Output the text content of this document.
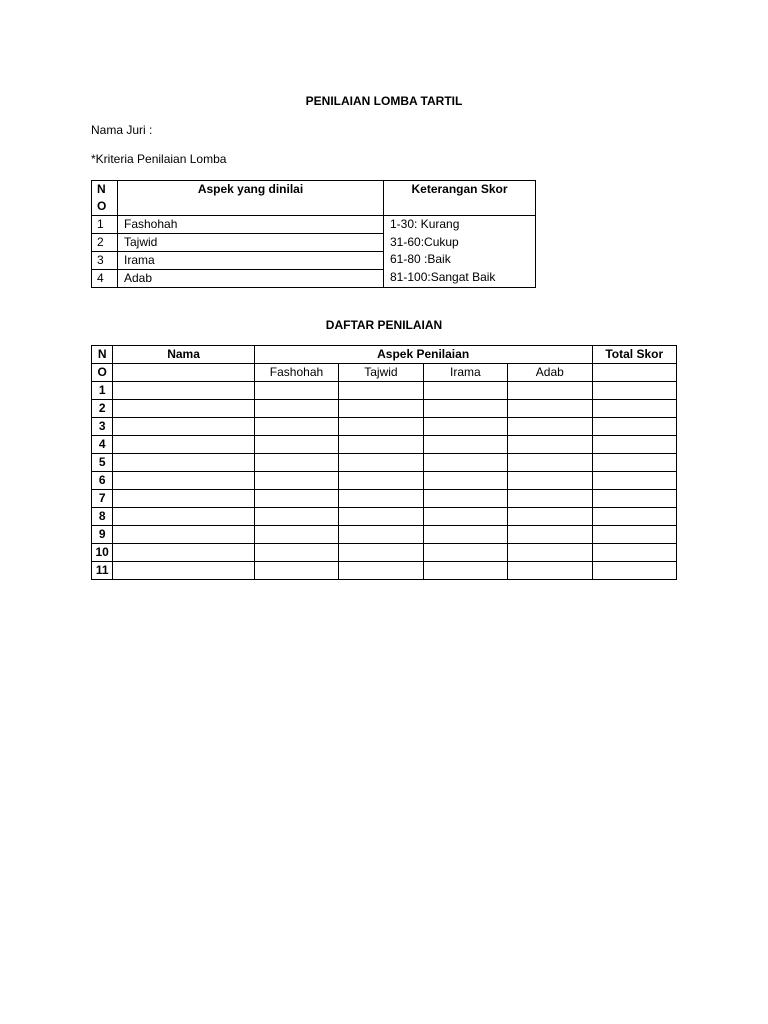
PENILAIAN LOMBA TARTIL
Nama Juri :
*Kriteria Penilaian Lomba
N
O	Aspek yang dinilai	Keterangan Skor
1	Fashohah	1-30: Kurang
31-60:Cukup
61-80 :Baik
81-100:Sangat Baik

2	Tajwid	
3	Irama	
4	Adab	
DAFTAR PENILAIAN
N	Nama	Aspek Penilaian				Total Skor
O		Fashohah	Tajwid	Irama	Adab	
1						
2						
3						
4						
5						
6						
7						
8						
9						
10						
11						
